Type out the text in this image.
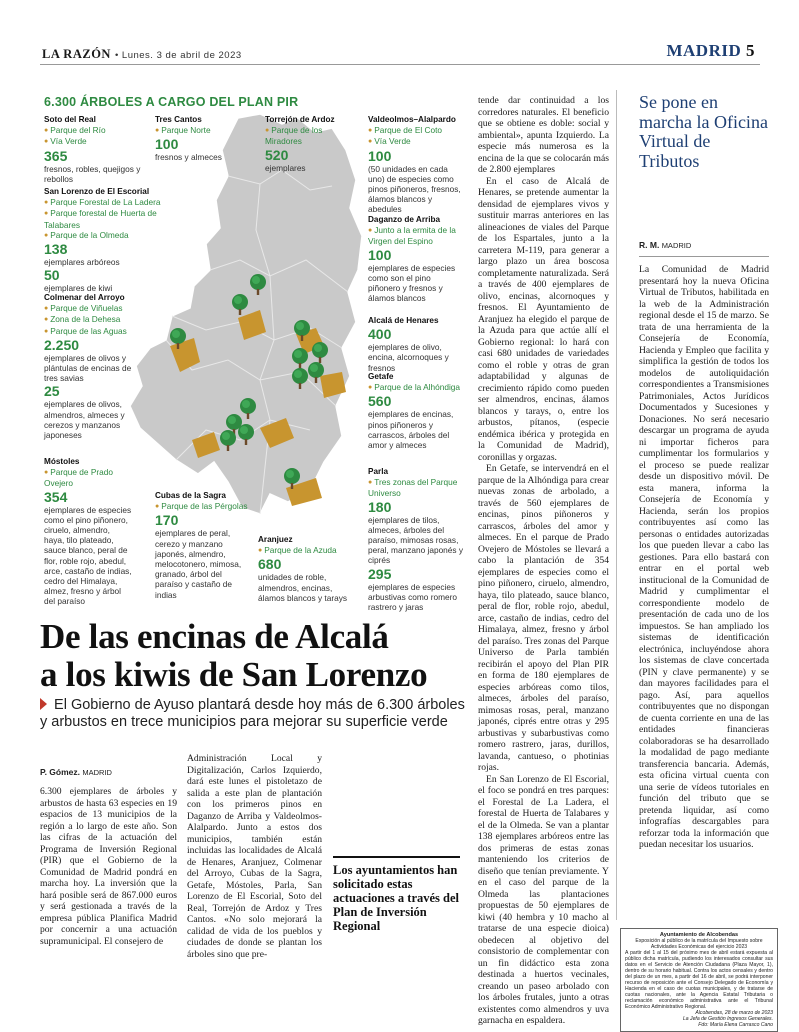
LA RAZÓN • Lunes. 3 de abril de 2023	MADRID 5
6.300 ÁRBOLES A CARGO DEL PLAN PIR
Soto del Real
● Parque del Río
● Vía Verde
365
fresnos, robles, quejigos y rebollos
Tres Cantos
● Parque Norte
100
fresnos y almeces
Torrejón de Ardoz
● Parque de los Miradores
520
ejemplares
Valdeolmos–Alalpardo
● Parque de El Coto
● Vía Verde
100
(50 unidades en cada uno) de especies como pinos piñoneros, fresnos, álamos blancos y abedules
San Lorenzo de El Escorial
● Parque Forestal de La Ladera
● Parque forestal de Huerta de Talabares
● Parque de la Olmeda
138
ejemplares arbóreos
50
ejemplares de kiwi
Daganzo de Arriba
● Junto a la ermita de la Virgen del Espino
100
ejemplares de especies como son el pino piñonero y fresnos y álamos blancos
Colmenar del Arroyo
● Parque de Viñuelas
● Zona de la Dehesa
● Parque de las Aguas
2.250
ejemplares de olivos y plántulas de encinas de tres savias
25
ejemplares de olivos, almendros, almeces y cerezos y manzanos japoneses
Alcalá de Henares
400
ejemplares de olivo, encina, alcornoques y fresnos
Getafe
● Parque de la Alhóndiga
560
ejemplares de encinas, pinos piñoneros y carrascos, árboles del amor y almeces
Móstoles
● Parque de Prado Ovejero
354
ejemplares de especies como el pino piñonero, ciruelo, almendro, haya, tilo plateado, sauce blanco, peral de flor, roble rojo, abedul, arce, castaño de indias, cedro del Himalaya, almez, fresno y árbol del paraíso
Parla
● Tres zonas del Parque Universo
180
ejemplares de tilos, almeces, árboles del paraíso, mimosas rosas, peral, manzano japonés y ciprés
295
ejemplares de especies arbustivas como romero rastrero y jaras
Cubas de la Sagra
● Parque de las Pérgolas
170
ejemplares de peral, cerezo y manzano japonés, almendro, melocotonero, mimosa, granado, árbol del paraíso y castaño de indias
Aranjuez
● Parque de la Azuda
680
unidades de roble, almendros, encinas, álamos blancos y tarays
De las encinas de Alcalá
a los kiwis de San Lorenzo
El Gobierno de Ayuso plantará desde hoy más de 6.300 árboles
y arbustos en trece municipios para mejorar su superficie verde
P. Gómez. MADRID

6.300 ejemplares de árboles y arbustos de hasta 63 especies en 19 espacios de 13 municipios de la región a lo largo de este año. Son las cifras de la actuación del Programa de Inversión Regional (PIR) que el Gobierno de la Comunidad de Madrid pondrá en marcha hoy. La inversión que la hará posible será de 867.000 euros y será gestionada a través de la empresa pública Planifica Madrid por concernir a una actuación supramunicipal. El consejero de

Administración Local y Digitalización, Carlos Izquierdo, dará este lunes el pistoletazo de salida a este plan de plantación con los primeros pinos en Daganzo de Arriba y Valdeolmos-Alalpardo. Junto a estos dos municipios, también están incluidas las localidades de Alcalá de Henares, Aranjuez, Colmenar del Arroyo, Cubas de la Sagra, Getafe, Móstoles, Parla, San Lorenzo de El Escorial, Soto del Real, Torrejón de Ardoz y Tres Cantos. «No solo mejorará la calidad de vida de los pueblos y ciudades de donde se plantan los árboles sino que pre-

Los ayuntamientos han solicitado estas actuaciones a través del Plan de Inversión Regional

tende dar continuidad a los corredores naturales. El beneficio que se obtiene es doble: social y ambiental», apunta Izquierdo. La especie más numerosa es la encina de la que se colocarán más de 2.800 ejemplares

En el caso de Alcalá de Henares, se pretende aumentar la densidad de ejemplares vivos y sustituir marras anteriores en las alineaciones de viales del Parque de los Espartales, junto a la carretera M-119, para generar a largo plazo un área boscosa completamente naturalizada. Será a través de 400 ejemplares de olivo, encinas, alcornoques y fresnos. El Ayuntamiento de Aranjuez ha elegido el parque de la Azuda para que actúe allí el Gobierno regional: lo hará con casi 680 unidades de variedades como el roble y otras de gran adaptabilidad y algunas de crecimiento rápido como pueden ser almendros, encinas, álamos blancos y tarays, o, entre los arbustos, pítanos, (especie endémica ibérica y protegida en la Comunidad de Madrid), coronillas y orgazas.

En Getafe, se intervendrá en el parque de la Alhóndiga para crear nuevas zonas de arbolado, a través de 560 ejemplares de encinas, pinos piñoneros y carrascos, árboles del amor y almeces. En el parque de Prado Ovejero de Móstoles se llevará a cabo la plantación de 354 ejemplares de especies como el pino piñonero, ciruelo, almendro, haya, tilo plateado, sauce blanco, peral de flor, roble rojo, abedul, arce, castaño de indias, cedro del Himalaya, almez, fresno y árbol del paraíso. Tres zonas del Parque Universo de Parla también recibirán el apoyo del Plan PIR en forma de 180 ejemplares de especies arbóreas como tilos, almeces, árboles del paraíso, mimosas rosas, peral, manzano japonés, ciprés entre otras y 295 arbustivas y subarbustivas como romero rastrero, jaras, durillos, lavanda, cantueso, o photinias rojas.

En San Lorenzo de El Escorial, el foco se pondrá en tres parques: el Forestal de La Ladera, el forestal de Huerta de Talabares y el de la Olmeda. Se van a plantar 138 ejemplares arbóreos entre las dos primeras de estas zonas manteniendo los criterios de diseño que tenían previamente. Y en el caso del parque de la Olmeda las plantaciones propuestas de 50 ejemplares de kiwi (40 hembra y 10 macho al tratarse de una especie dioica) obedecen al objetivo del consistorio de complementar con un fin didáctico esta zona destinada a huertos vecinales, creando un paseo arbolado con los árboles frutales, junto a otras existentes como almendros y uva garnacha en espaldera.

Se pone en marcha la Oficina Virtual de Tributos
R. M. MADRID

La Comunidad de Madrid presentará hoy la nueva Oficina Virtual de Tributos, habilitada en la web de la Administración regional desde el 15 de marzo. Se trata de una herramienta de la Consejería de Economía, Hacienda y Empleo que facilita y simplifica la gestión de todos los modelos de autoliquidación correspondientes a Transmisiones Patrimoniales, Actos Jurídicos Documentados y Sucesiones y Donaciones. No será necesario descargar un programa de ayuda ni importar ficheros para cumplimentar los formularios y el proceso se puede realizar desde un dispositivo móvil. De esta manera, informa la Consejería de Economía y Hacienda, serán los propios contribuyentes así como las personas o entidades autorizadas los que pueden llevar a cabo las gestiones. Para ello bastará con entrar en el portal web institucional de la Comunidad de Madrid y cumplimentar el correspondiente modelo de presentación de cada uno de los impuestos. Se han ampliado los sistemas de identificación electrónica, incluyéndose ahora los sistemas de clave concertada (PIN y clave permanente) y se dan mayores facilidades para el pago. Así, para aquellos contribuyentes que no dispongan de cuenta corriente en una de las entidades financieras colaboradoras se ha desarrollado la modalidad de pago mediante transferencia bancaria. Además, esta oficina virtual cuenta con una serie de vídeos tutoriales en función del tributo que se pretenda liquidar, así como infografías descargables para reforzar toda la información que puedan necesitar los usuarios.

Ayuntamiento de Alcobendas
Exposición al público de la matrícula del Impuesto sobre Actividades Económicas del ejercicio 2023
A partir del 1 al 15 del próximo mes de abril estará expuesta al público dicha matrícula, pudiendo los interesados consultar sus datos en el Servicio de Atención Ciudadana (Plaza Mayor, 1), dentro de su horario habitual. Contra los actos censales y dentro del plazo de un mes, a partir del 16 de abril, se podrá interponer recurso de reposición ante el Consejo Delegado de Economía y Hacienda en el caso de cuotas municipales, y de tratarse de cuotas nacionales, ante la Agencia Estatal Tributaria o reclamación económico administrativa ante el Tribunal Económico Administrativo Regional.
Alcobendas, 28 de marzo de 2023
La Jefa de Gestión Ingresos Generales.
Fdo: María Elena Carrasco Cano
